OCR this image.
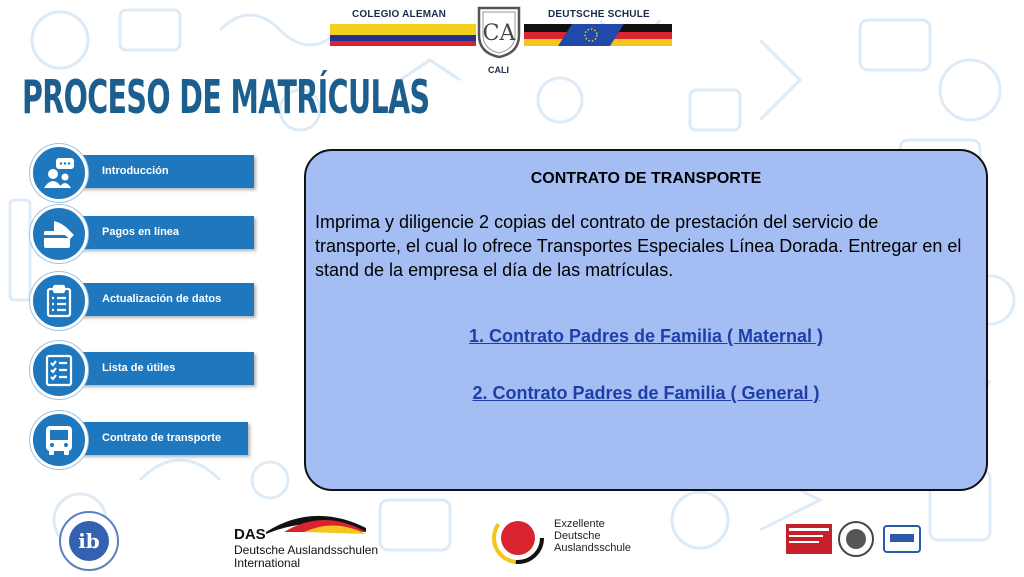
COLEGIO ALEMAN	DEUTSCHE SCHULE
CA
CALI
PROCESO DE MATRÍCULAS
Introducción
Pagos en línea
Actualización de datos
Lista de útiles
Contrato de transporte
CONTRATO DE TRANSPORTE
Imprima y diligencie 2 copias del contrato de prestación del servicio de transporte, el cual lo ofrece Transportes Especiales Línea Dorada. Entregar en el stand de la empresa el día de las matrículas.
1. Contrato Padres de Familia ( Maternal )
2. Contrato Padres de Familia ( General )
ib	DAS
Deutsche Auslandsschulen
International
Exzellente
Deutsche
Auslandsschule
